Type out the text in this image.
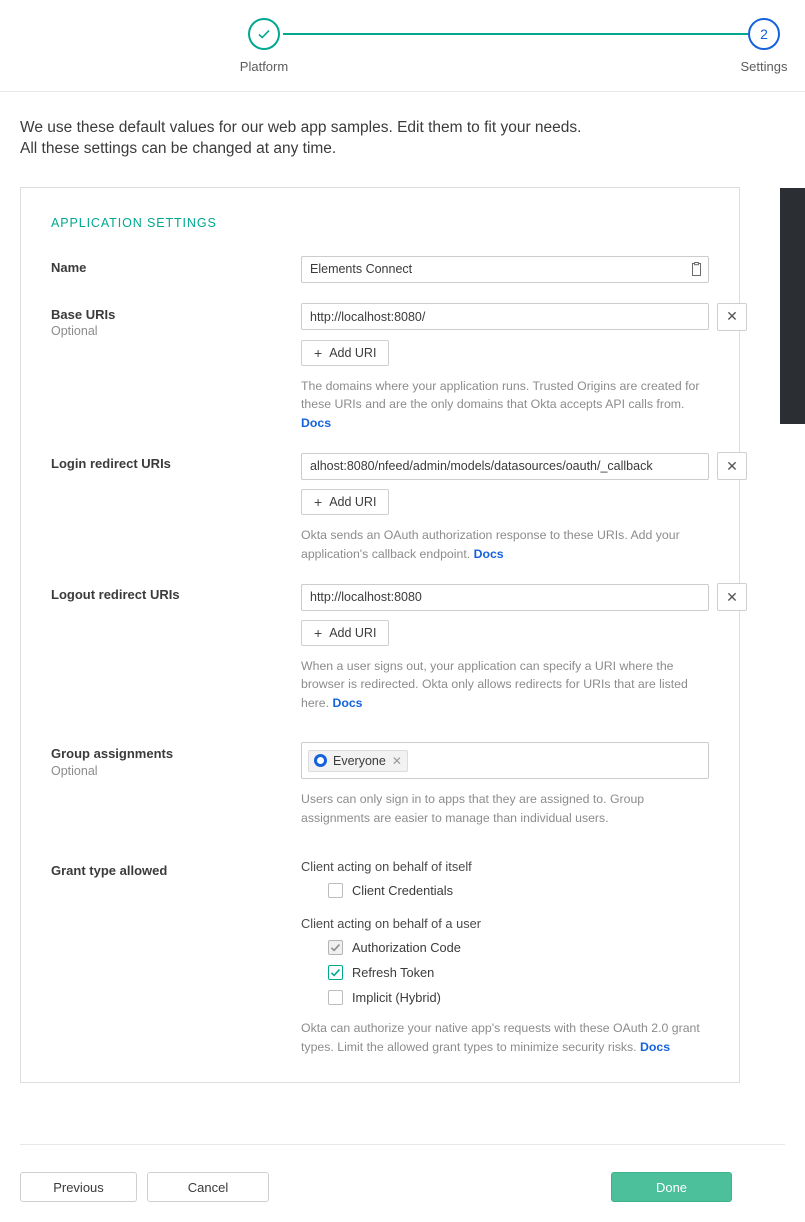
Platform
2
Settings
We use these default values for our web app samples. Edit them to fit your needs.
All these settings can be changed at any time.
APPLICATION SETTINGS
Name
Elements Connect
Base URIs
Optional
http://localhost:8080/
✕
+ Add URI
The domains where your application runs. Trusted Origins are created for these URIs and are the only domains that Okta accepts API calls from. Docs
Login redirect URIs
alhost:8080/nfeed/admin/models/datasources/oauth/_callback	✕
+ Add URI
Okta sends an OAuth authorization response to these URIs. Add your application's callback endpoint. Docs
Logout redirect URIs
http://localhost:8080	✕
+ Add URI
When a user signs out, your application can specify a URI where the browser is redirected. Okta only allows redirects for URIs that are listed here. Docs
Group assignments
Optional
Everyone ✕
Users can only sign in to apps that they are assigned to. Group assignments are easier to manage than individual users.
Grant type allowed	Client acting on behalf of itself
Client Credentials
Client acting on behalf of a user
Authorization Code
Refresh Token
Implicit (Hybrid)
Okta can authorize your native app's requests with these OAuth 2.0 grant types. Limit the allowed grant types to minimize security risks. Docs
Previous	Cancel	Done
